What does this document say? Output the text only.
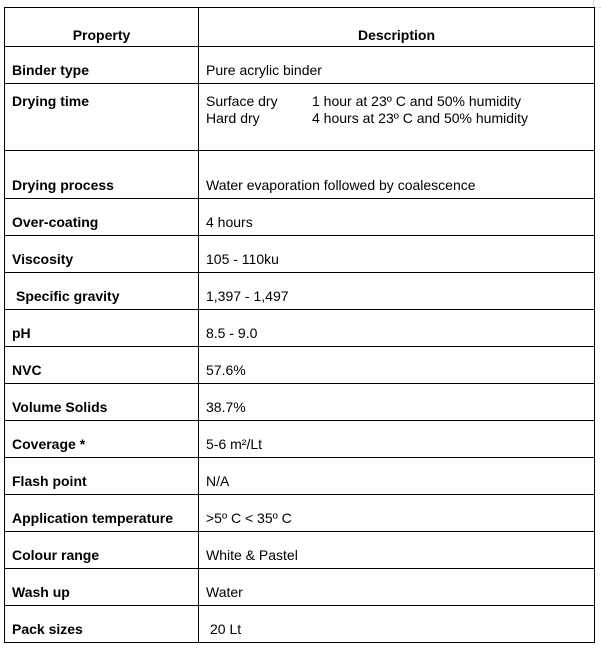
Property	Description
Binder type	Pure acrylic binder
Drying time	Surface dry 1 hour at 23º C and 50% humidity
Hard dry 4 hours at 23º C and 50% humidity

Drying process	Water evaporation followed by coalescence
Over-coating	4 hours
Viscosity	105 - 110ku
Specific gravity	1,397 - 1,497
pH	8.5 - 9.0
NVC	57.6%
Volume Solids	38.7%
Coverage *	5-6 m²/Lt
Flash point	N/A
Application temperature	>5º C < 35º C
Colour range	White & Pastel
Wash up	Water
Pack sizes	20 Lt
